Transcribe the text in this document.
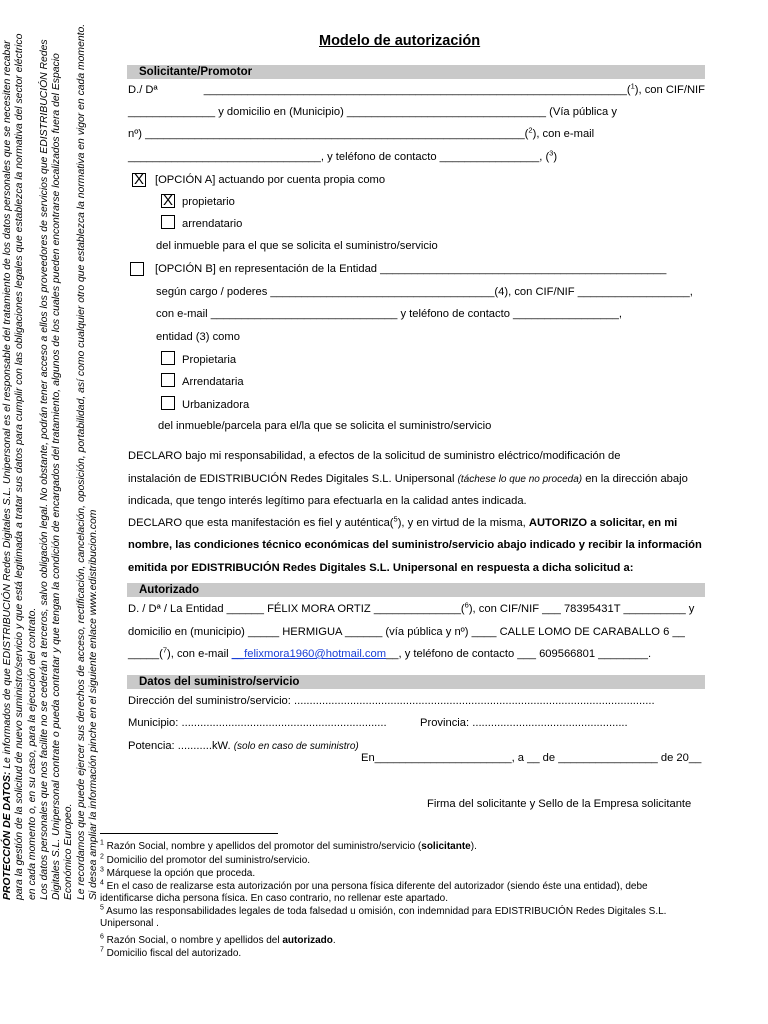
PROTECCIÓN DE DATOS: Le informados de que EDISTRIBUCIÓN Redes Digitales S.L. Unipersonal es el responsable del tratamiento de los datos personales que se necesiten recabar para la gestión de la solicitud de nuevo suministro/servicio y que está legitimada a tratar sus datos para cumplir con las obligaciones legales que establezca la normativa del sector eléctrico en cada momento o, en su caso, para la ejecución del contrato. Los datos personales que nos facilite no se cederán a terceros, salvo obligación legal. No obstante, podrán tener acceso a ellos los proveedores de servicios que EDISTRIBUCIÓN Redes Digitales S.L. Unipersonal contrate o pueda contratar y que tengan la condición de encargados del tratamiento, algunos de los cuales pueden encontrarse localizados fuera del Espacio Económico Europeo. Le recordamos que puede ejercer sus derechos de acceso, rectificación, cancelación, oposición, portabilidad, así como cualquier otro que establezca la normativa en vigor en cada momento. Si desea ampliar la información pinche en el siguiente enlace www.edistribucion.com
Modelo de autorización
Solicitante/Promotor
D./ Dª	____________________________________________________________________($^1$), con CIF/NIF
______________ y domicilio en (Municipio) ________________________________ (Vía pública y
nº) _____________________________________________________________($^2$), con e-mail
_______________________________, y teléfono de contacto ________________, ($^3$)
X [OPCIÓN A] actuando por cuenta propia como
X propietario
arrendatario
del inmueble para el que se solicita el suministro/servicio
[OPCIÓN B] en representación de la Entidad ______________________________________________
según cargo / poderes ____________________________________(4), con CIF/NIF __________________,
con e-mail ______________________________ y teléfono de contacto _________________,
entidad (3) como
Propietaria
Arrendataria
Urbanizadora
del inmueble/parcela para el/la que se solicita el suministro/servicio
DECLARO bajo mi responsabilidad, a efectos de la solicitud de suministro eléctrico/modificación de
instalación de EDISTRIBUCIÓN Redes Digitales S.L. Unipersonal (táchese lo que no proceda) en la dirección abajo
indicada, que tengo interés legítimo para efectuarla en la calidad antes indicada.
DECLARO que esta manifestación es fiel y auténtica($^5$), y en virtud de la misma, AUTORIZO a solicitar, en mi
nombre, las condiciones técnico económicas del suministro/servicio abajo indicado y recibir la información
emitida por EDISTRIBUCIÓN Redes Digitales S.L. Unipersonal en respuesta a dicha solicitud a:
Autorizado
D. / Dª / La Entidad ______ FÉLIX MORA ORTIZ ______________($^6$), con CIF/NIF ___ 78395431T __________ y
domicilio en (municipio) _____ HERMIGUA ______ (vía pública y nº) ____ CALLE LOMO DE CARABALLO 6 __
_____($^7$), con e-mail __felixmora1960@hotmail.com__, y teléfono de contacto ___ 609566801 ________.
Datos del suministro/servicio
Dirección del suministro/servicio: ....................................................................................................................
Municipio: ..................................................................	Provincia: ..................................................
Potencia: ...........kW. (solo en caso de suministro)
En______________________, a __ de ________________ de 20__
Firma del solicitante y Sello de la Empresa solicitante
$^1$ Razón Social, nombre y apellidos del promotor del suministro/servicio (solicitante).
$^2$ Domicilio del promotor del suministro/servicio.
$^3$ Márquese la opción que proceda.
$^4$ En el caso de realizarse esta autorización por una persona física diferente del autorizador (siendo éste una entidad), debe
identificarse dicha persona física. En caso contrario, no rellenar este apartado.
$^5$ Asumo las responsabilidades legales de toda falsedad u omisión, con indemnidad para EDISTRIBUCIÓN Redes Digitales S.L.
Unipersonal .
$^6$ Razón Social, o nombre y apellidos del autorizado.
$^7$ Domicilio fiscal del autorizado.
